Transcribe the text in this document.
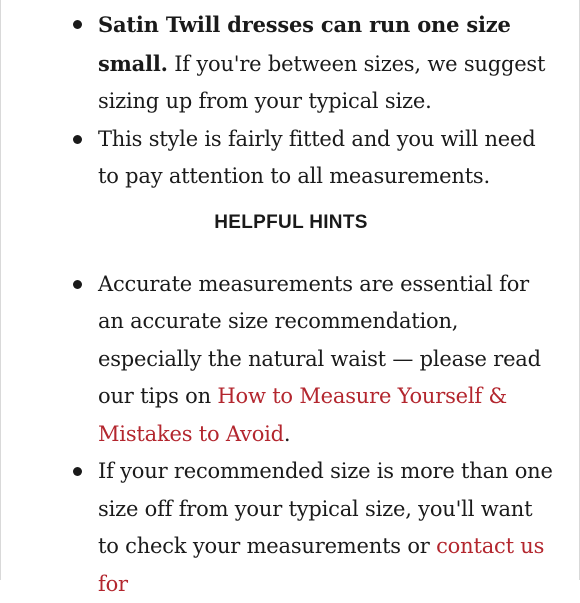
Satin Twill dresses can run one size small. If you're between sizes, we suggest sizing up from your typical size.
This style is fairly fitted and you will need to pay attention to all measurements.
HELPFUL HINTS
Accurate measurements are essential for an accurate size recommendation, especially the natural waist — please read our tips on How to Measure Yourself & Mistakes to Avoid.
If your recommended size is more than one size off from your typical size, you'll want to check your measurements or contact us for
